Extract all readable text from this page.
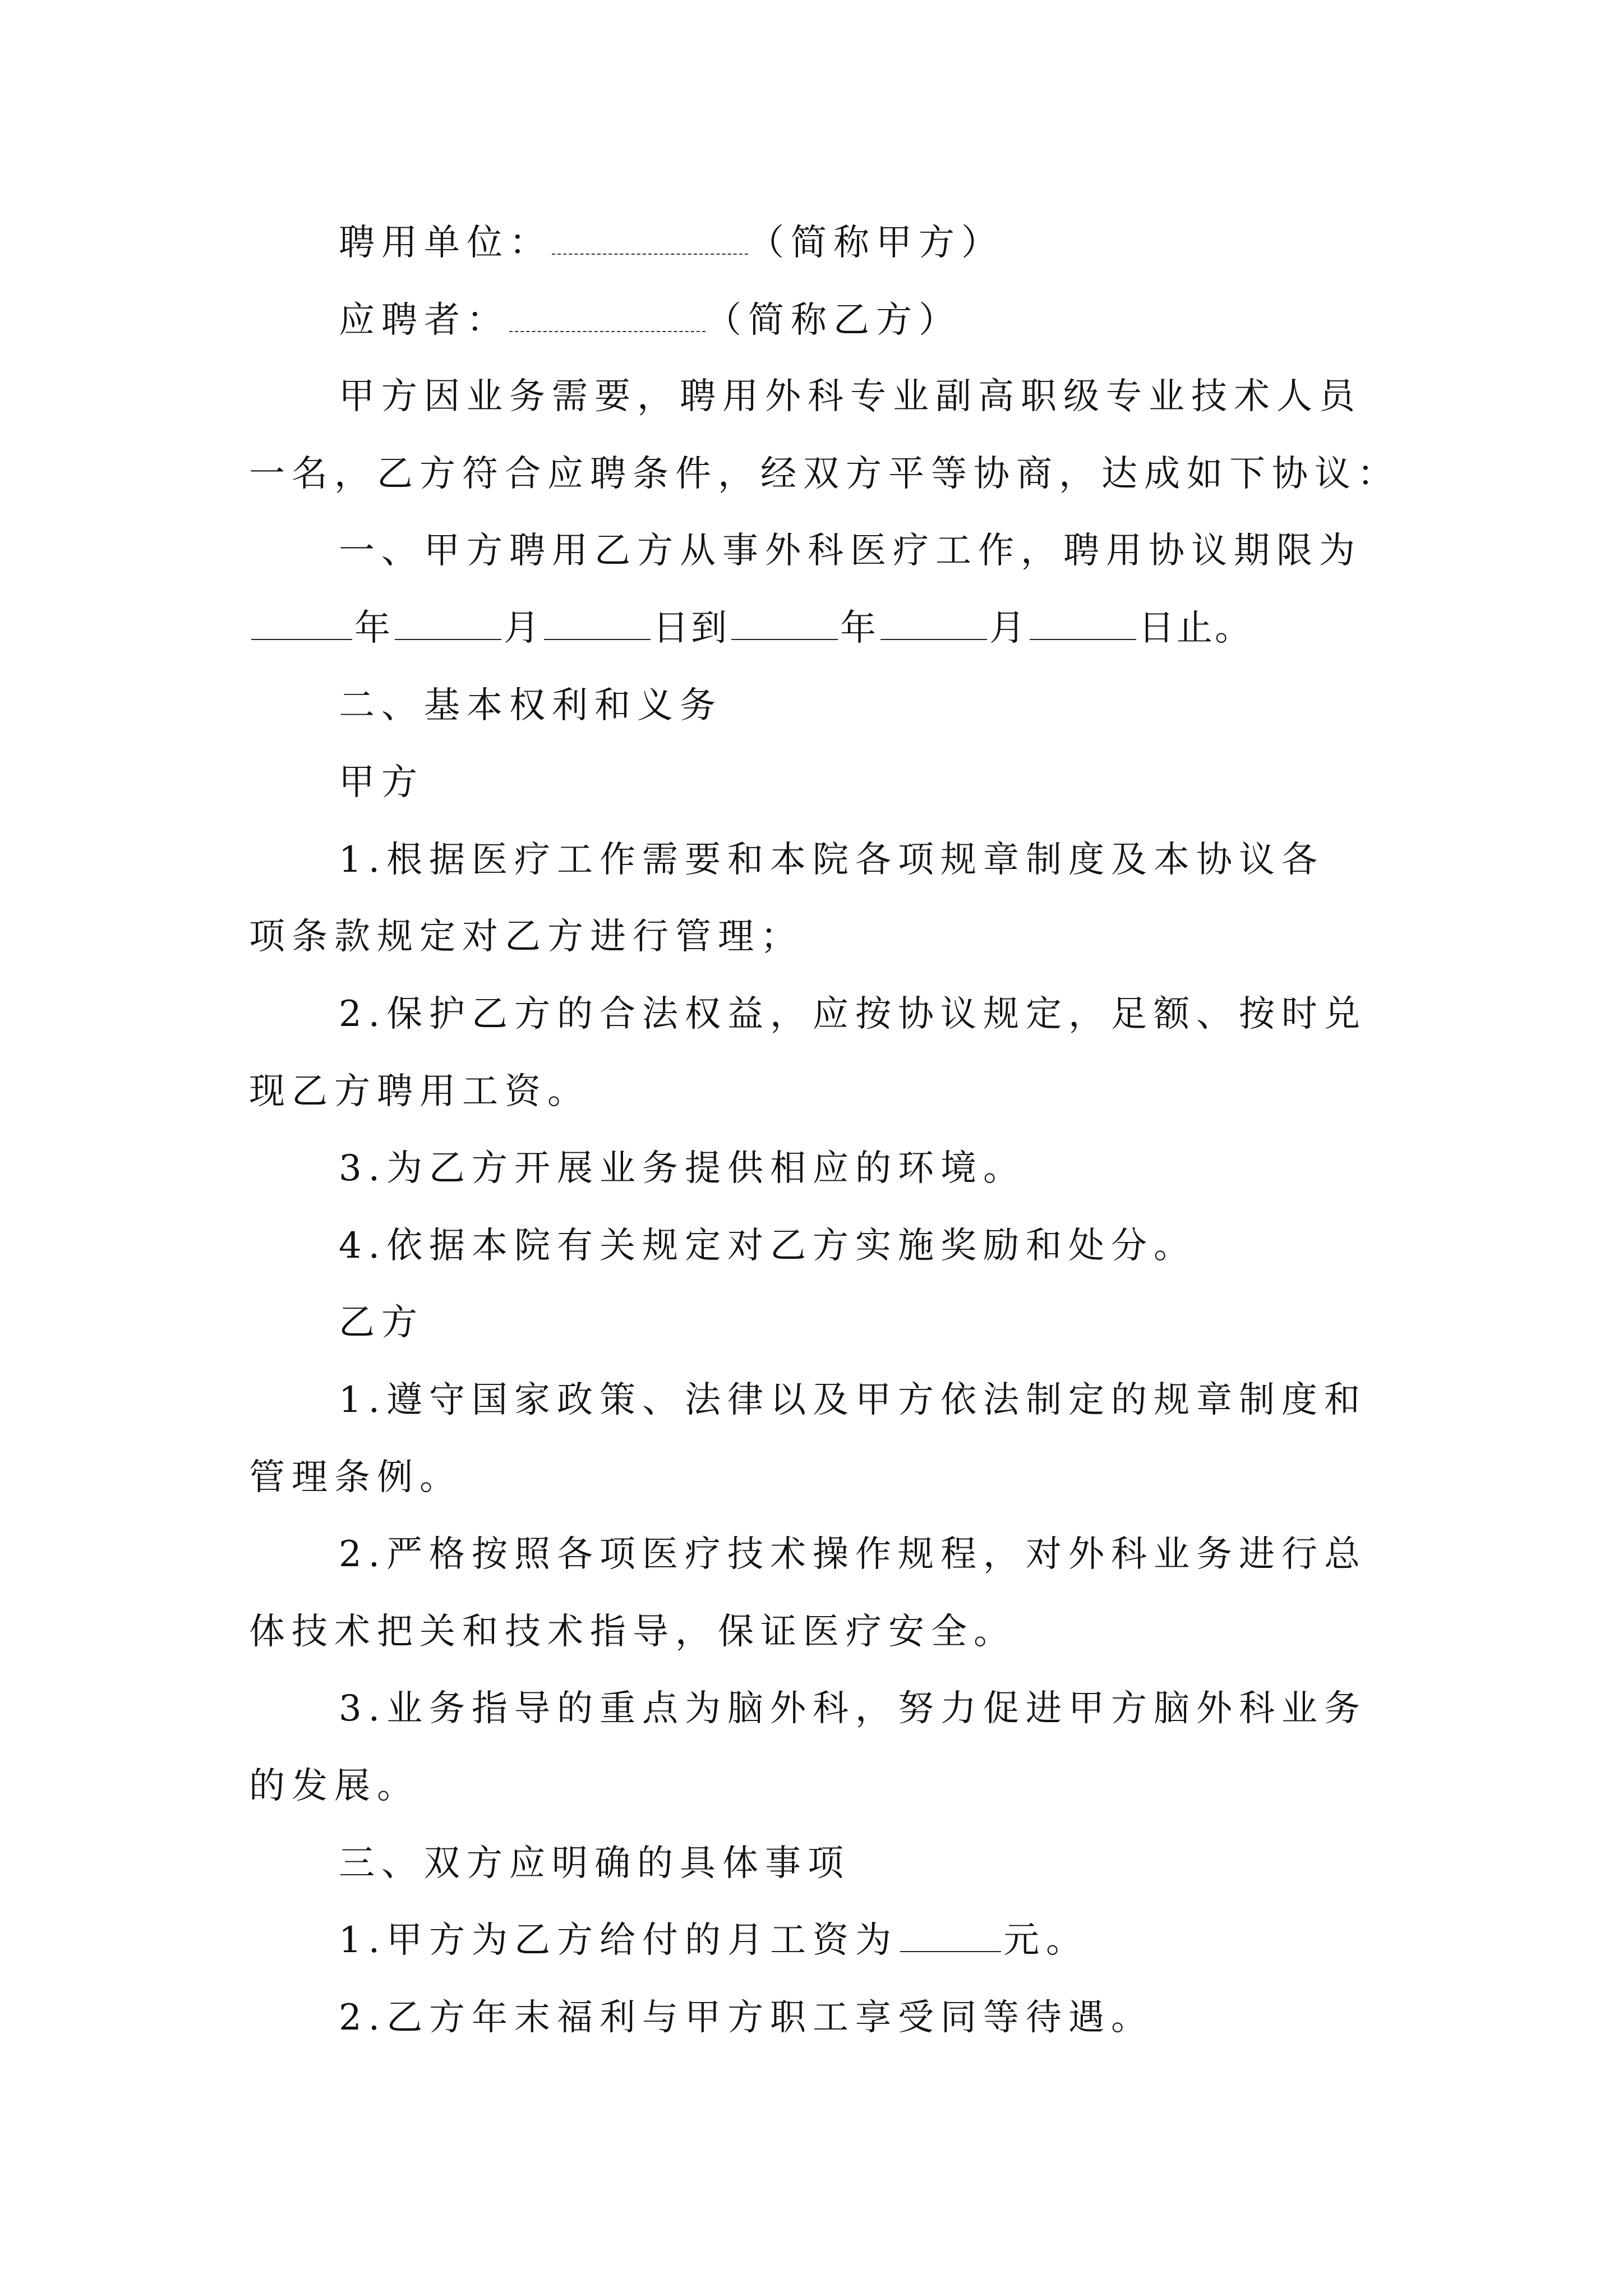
聘用单位：	（简称甲方）
应聘者：	（简称乙方）
甲方因业务需要，聘用外科专业副高职级专业技术人员
一名，乙方符合应聘条件，经双方平等协商，达成如下协议：
一、甲方聘用乙方从事外科医疗工作，聘用协议期限为
年	月	日到	年	月	日止。
二、基本权利和义务
甲方
1.根据医疗工作需要和本院各项规章制度及本协议各
项条款规定对乙方进行管理；
2.保护乙方的合法权益，应按协议规定，足额、按时兑
现乙方聘用工资。
3.为乙方开展业务提供相应的环境。
4.依据本院有关规定对乙方实施奖励和处分。
乙方
1.遵守国家政策、法律以及甲方依法制定的规章制度和
管理条例。
2.严格按照各项医疗技术操作规程，对外科业务进行总
体技术把关和技术指导，保证医疗安全。
3.业务指导的重点为脑外科，努力促进甲方脑外科业务
的发展。
三、双方应明确的具体事项
1.甲方为乙方给付的月工资为	元。
2.乙方年末福利与甲方职工享受同等待遇。
